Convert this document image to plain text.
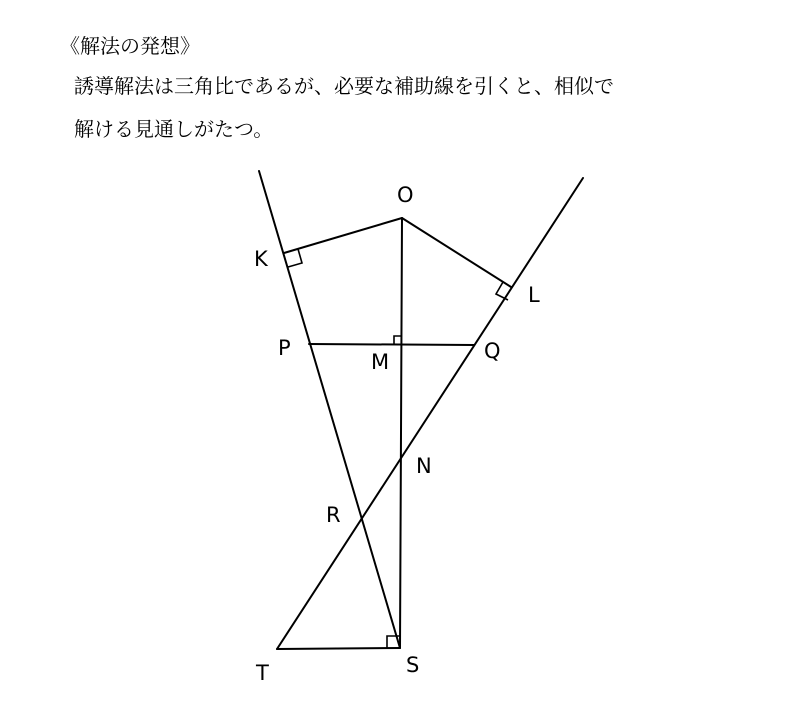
《解法の発想》
誘導解法は三角比であるが、必要な補助線を引くと、相似で
解ける見通しがたつ。
O
K
L
P
M	Q
N
R
T	S
